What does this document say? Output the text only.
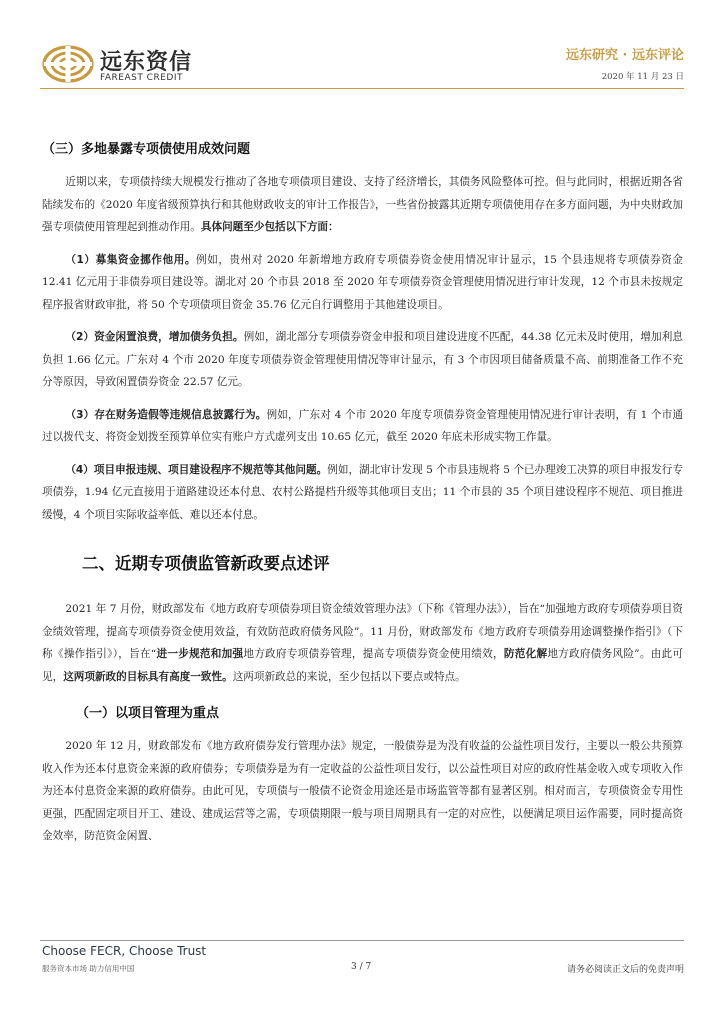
远东资信
FAREAST CREDIT
远东研究 · 远东评论
2020 年 11 月 23 日
（三）多地暴露专项债使用成效问题

近期以来，专项债持续大规模发行推动了各地专项债项目建设、支持了经济增长，其债务风险整体可控。但与此同时，根据近期各省陆续发布的《2020 年度省级预算执行和其他财政收支的审计工作报告》，一些省份披露其近期专项债使用存在多方面问题，为中央财政加强专项债使用管理起到推动作用。具体问题至少包括以下方面：

（1）募集资金挪作他用。例如，贵州对 2020 年新增地方政府专项债券资金使用情况审计显示，15 个县违规将专项债券资金 12.41 亿元用于非债券项目建设等。湖北对 20 个市县 2018 至 2020 年专项债券资金管理使用情况进行审计发现，12 个市县未按规定程序报省财政审批，将 50 个专项债项目资金 35.76 亿元自行调整用于其他建设项目。

（2）资金闲置浪费，增加债务负担。例如，湖北部分专项债券资金申报和项目建设进度不匹配，44.38 亿元未及时使用，增加利息负担 1.66 亿元。广东对 4 个市 2020 年度专项债券资金管理使用情况等审计显示，有 3 个市因项目储备质量不高、前期准备工作不充分等原因，导致闲置债券资金 22.57 亿元。

（3）存在财务造假等违规信息披露行为。例如，广东对 4 个市 2020 年度专项债券资金管理使用情况进行审计表明，有 1 个市通过以拨代支、将资金划拨至预算单位实有账户方式虚列支出 10.65 亿元，截至 2020 年底未形成实物工作量。

（4）项目申报违规、项目建设程序不规范等其他问题。例如，湖北审计发现 5 个市县违规将 5 个已办理竣工决算的项目申报发行专项债券，1.94 亿元直接用于道路建设还本付息、农村公路提档升级等其他项目支出；11 个市县的 35 个项目建设程序不规范、项目推进缓慢，4 个项目实际收益率低、难以还本付息。

二、近期专项债监管新政要点述评

2021 年 7 月份，财政部发布《地方政府专项债券项目资金绩效管理办法》（下称《管理办法》），旨在“加强地方政府专项债券项目资金绩效管理，提高专项债券资金使用效益，有效防范政府债务风险”。11 月份，财政部发布《地方政府专项债券用途调整操作指引》（下称《操作指引》），旨在“进一步规范和加强地方政府专项债券管理，提高专项债券资金使用绩效，防范化解地方政府债务风险”。由此可见，这两项新政的目标具有高度一致性。这两项新政总的来说，至少包括以下要点或特点。

（一）以项目管理为重点

2020 年 12 月，财政部发布《地方政府债券发行管理办法》规定，一般债券是为没有收益的公益性项目发行，主要以一般公共预算收入作为还本付息资金来源的政府债券；专项债券是为有一定收益的公益性项目发行，以公益性项目对应的政府性基金收入或专项收入作为还本付息资金来源的政府债券。由此可见，专项债与一般债不论资金用途还是市场监管等都有显著区别。相对而言，专项债资金专用性更强，匹配固定项目开工、建设、建成运营等之需，专项债期限一般与项目周期具有一定的对应性，以便满足项目运作需要，同时提高资金效率，防范资金闲置、

Choose FECR, Choose Trust
服务资本市场 助力信用中国	3 / 7	请务必阅读正文后的免责声明
